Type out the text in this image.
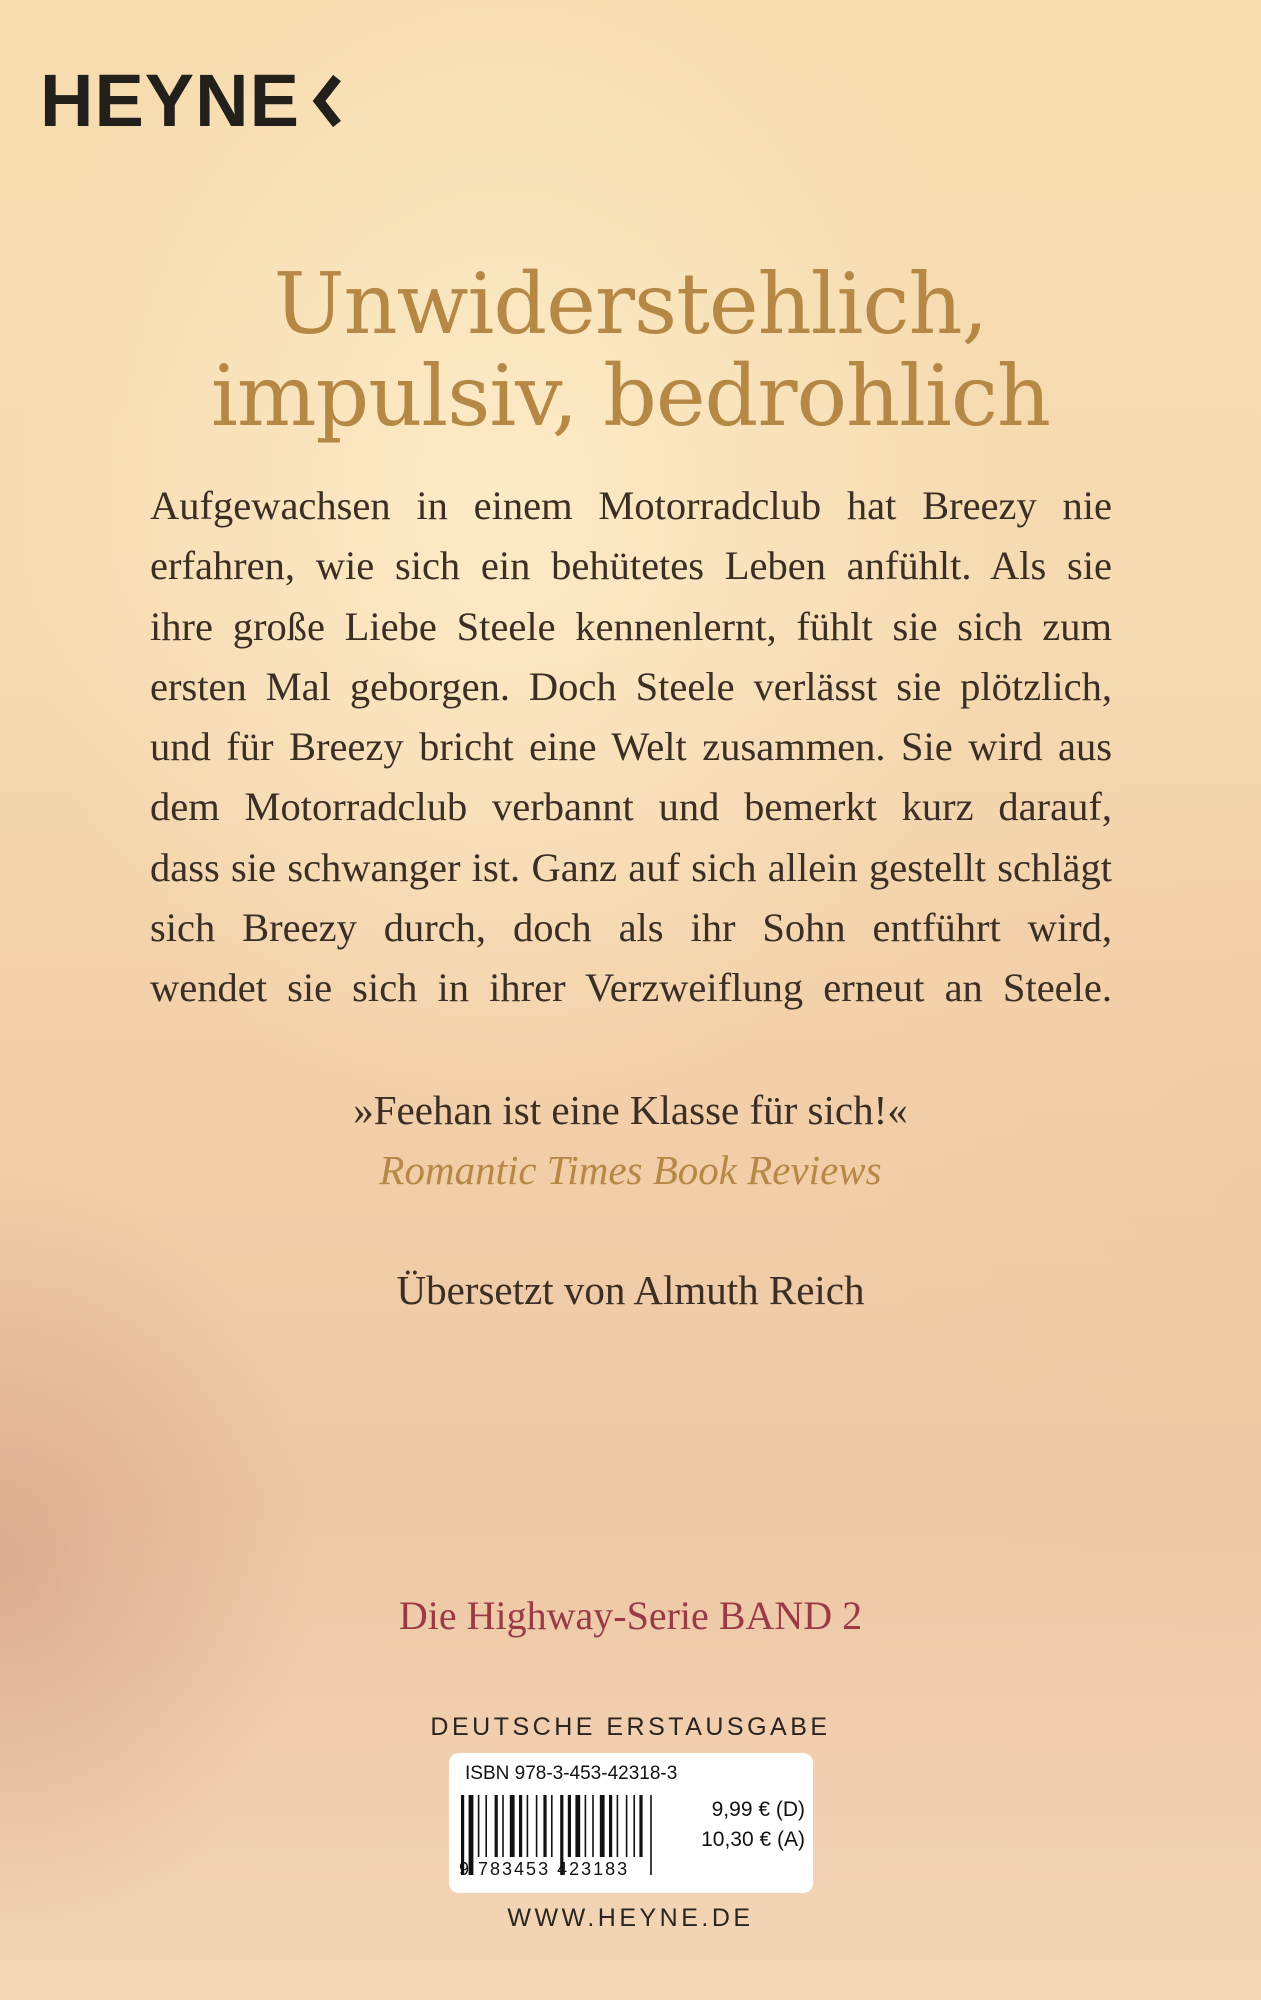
HEYNE
Unwiderstehlich,
impulsiv, bedrohlich
Aufgewachsen in einem Motorradclub hat Breezy nie
erfahren, wie sich ein behütetes Leben anfühlt. Als sie
ihre große Liebe Steele kennenlernt, fühlt sie sich zum
ersten Mal geborgen. Doch Steele verlässt sie plötzlich,
und für Breezy bricht eine Welt zusammen. Sie wird aus
dem Motorradclub verbannt und bemerkt kurz darauf,
dass sie schwanger ist. Ganz auf sich allein gestellt schlägt
sich Breezy durch, doch als ihr Sohn entführt wird,
wendet sie sich in ihrer Verzweiflung erneut an Steele.
»Feehan ist eine Klasse für sich!«
Romantic Times Book Reviews
Übersetzt von Almuth Reich
Die Highway-Serie BAND 2
DEUTSCHE ERSTAUSGABE
ISBN 978-3-453-42318-3
9 783453 423183
9,99 € (D)
10,30 € (A)
WWW.HEYNE.DE
